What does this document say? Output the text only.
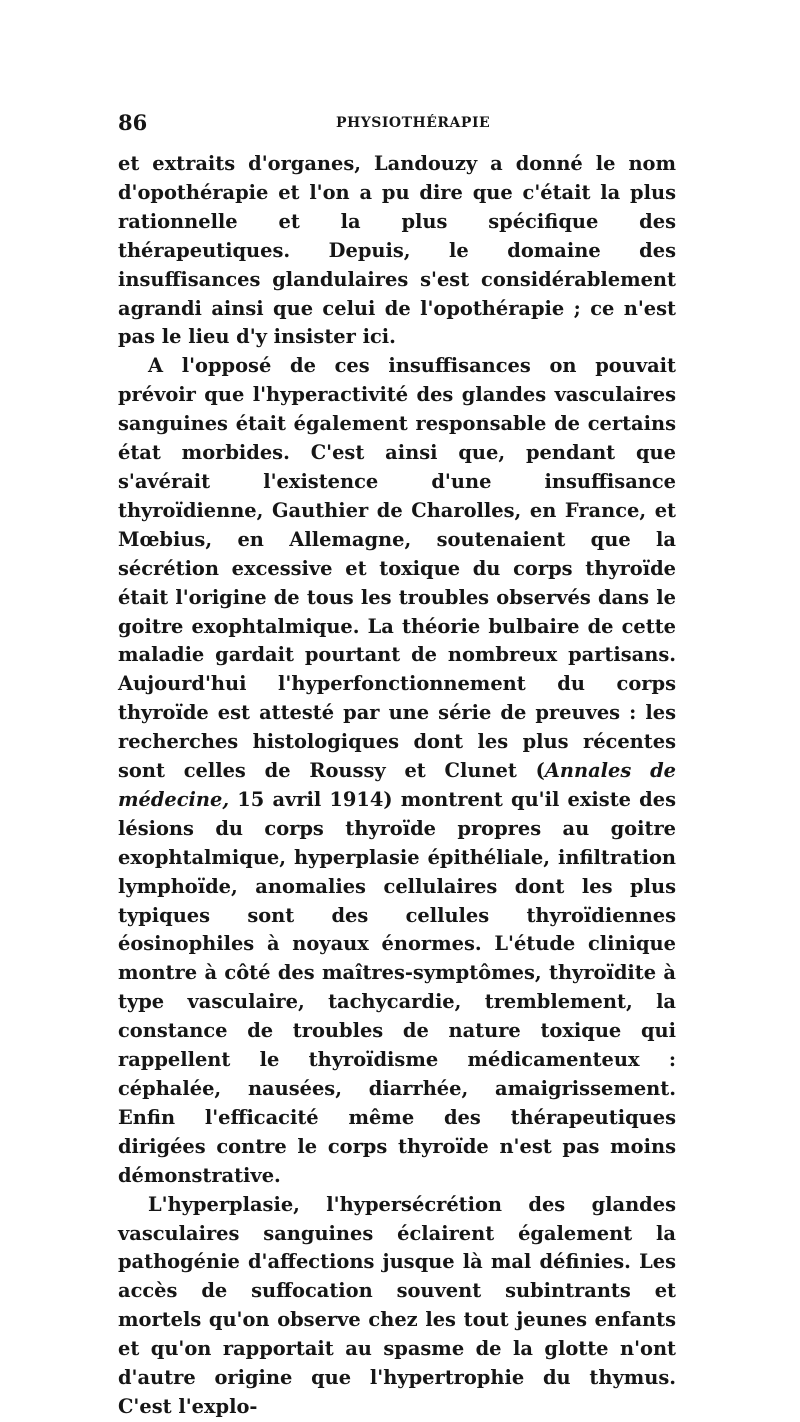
86	PHYSIOTHÉRAPIE

et extraits d'organes, Landouzy a donné le nom d'opothérapie et l'on a pu dire que c'était la plus rationnelle et la plus spécifique des thérapeutiques. Depuis, le domaine des insuffisances glandulaires s'est considérablement agrandi ainsi que celui de l'opothérapie ; ce n'est pas le lieu d'y insister ici.

A l'opposé de ces insuffisances on pouvait prévoir que l'hyperactivité des glandes vasculaires sanguines était également responsable de certains état morbides. C'est ainsi que, pendant que s'avérait l'existence d'une insuffisance thyroïdienne, Gauthier de Charolles, en France, et Mœbius, en Allemagne, soutenaient que la sécrétion excessive et toxique du corps thyroïde était l'origine de tous les troubles observés dans le goitre exophtalmique. La théorie bulbaire de cette maladie gardait pourtant de nombreux partisans. Aujourd'hui l'hyperfonctionnement du corps thyroïde est attesté par une série de preuves : les recherches histologiques dont les plus récentes sont celles de Roussy et Clunet (Annales de médecine, 15 avril 1914) montrent qu'il existe des lésions du corps thyroïde propres au goitre exophtalmique, hyperplasie épithéliale, infiltration lymphoïde, anomalies cellulaires dont les plus typiques sont des cellules thyroïdiennes éosinophiles à noyaux énormes. L'étude clinique montre à côté des maîtres-symptômes, thyroïdite à type vasculaire, tachycardie, tremblement, la constance de troubles de nature toxique qui rappellent le thyroïdisme médicamenteux : céphalée, nausées, diarrhée, amaigrissement. Enfin l'efficacité même des thérapeutiques dirigées contre le corps thyroïde n'est pas moins démonstrative.

L'hyperplasie, l'hypersécrétion des glandes vasculaires sanguines éclairent également la pathogénie d'affections jusque là mal définies. Les accès de suffocation souvent subintrants et mortels qu'on observe chez les tout jeunes enfants et qu'on rapportait au spasme de la glotte n'ont d'autre origine que l'hypertrophie du thymus. C'est l'explo-
